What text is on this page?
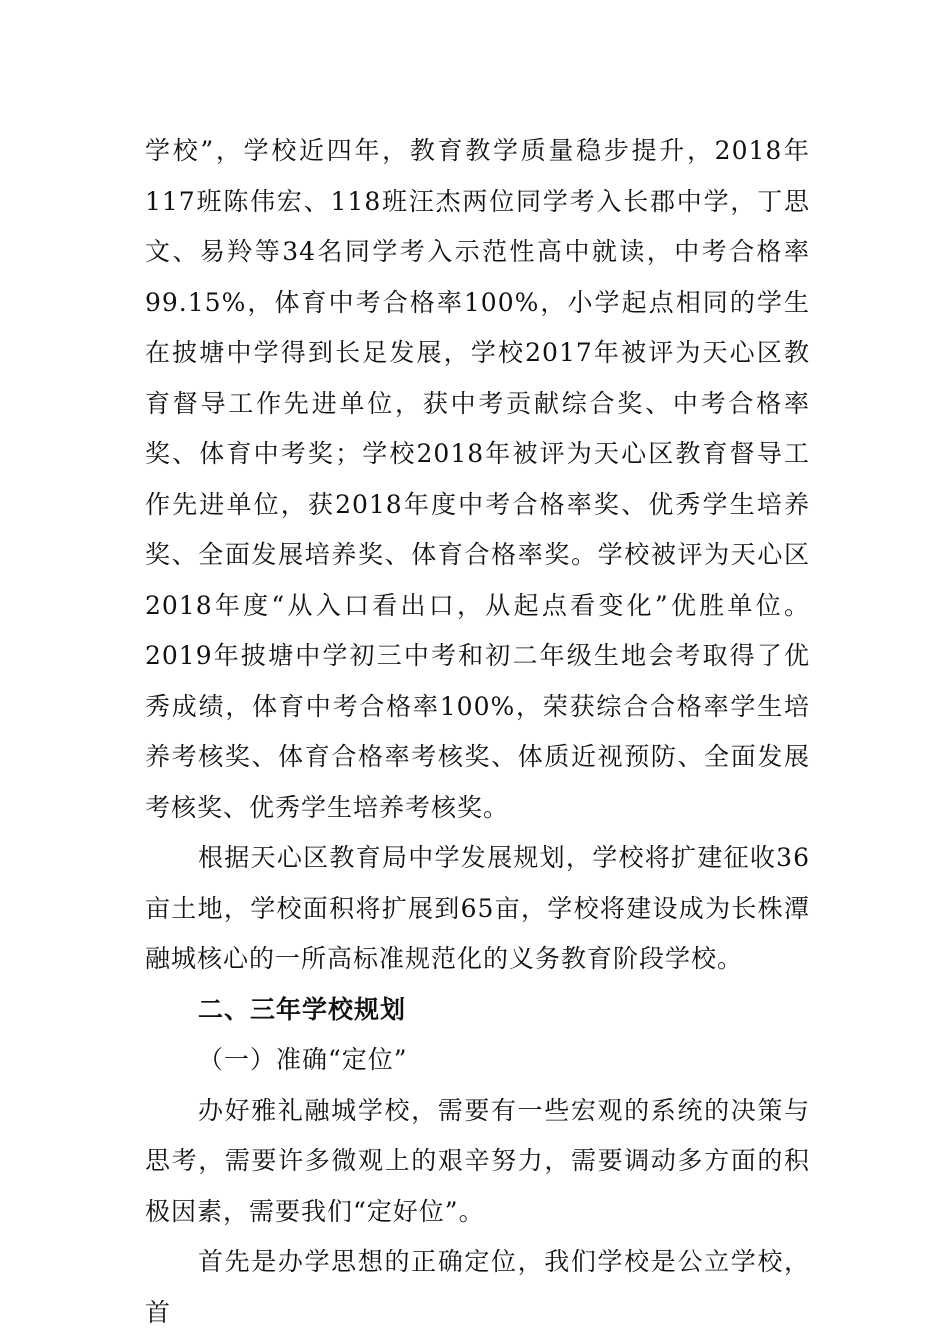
学校”，学校近四年，教育教学质量稳步提升，2018年117班陈伟宏、118班汪杰两位同学考入长郡中学，丁思文、易羚等34名同学考入示范性高中就读，中考合格率99.15%，体育中考合格率100%，小学起点相同的学生在披塘中学得到长足发展，学校2017年被评为天心区教育督导工作先进单位，获中考贡献综合奖、中考合格率奖、体育中考奖；学校2018年被评为天心区教育督导工作先进单位，获2018年度中考合格率奖、优秀学生培养奖、全面发展培养奖、体育合格率奖。学校被评为天心区2018年度“从入口看出口，从起点看变化”优胜单位。2019年披塘中学初三中考和初二年级生地会考取得了优秀成绩，体育中考合格率100%，荣获综合合格率学生培养考核奖、体育合格率考核奖、体质近视预防、全面发展考核奖、优秀学生培养考核奖。

根据天心区教育局中学发展规划，学校将扩建征收36亩土地，学校面积将扩展到65亩，学校将建设成为长株潭融城核心的一所高标准规范化的义务教育阶段学校。

二、三年学校规划

（一）准确“定位”

办好雅礼融城学校，需要有一些宏观的系统的决策与思考，需要许多微观上的艰辛努力，需要调动多方面的积极因素，需要我们“定好位”。

首先是办学思想的正确定位，我们学校是公立学校，首
